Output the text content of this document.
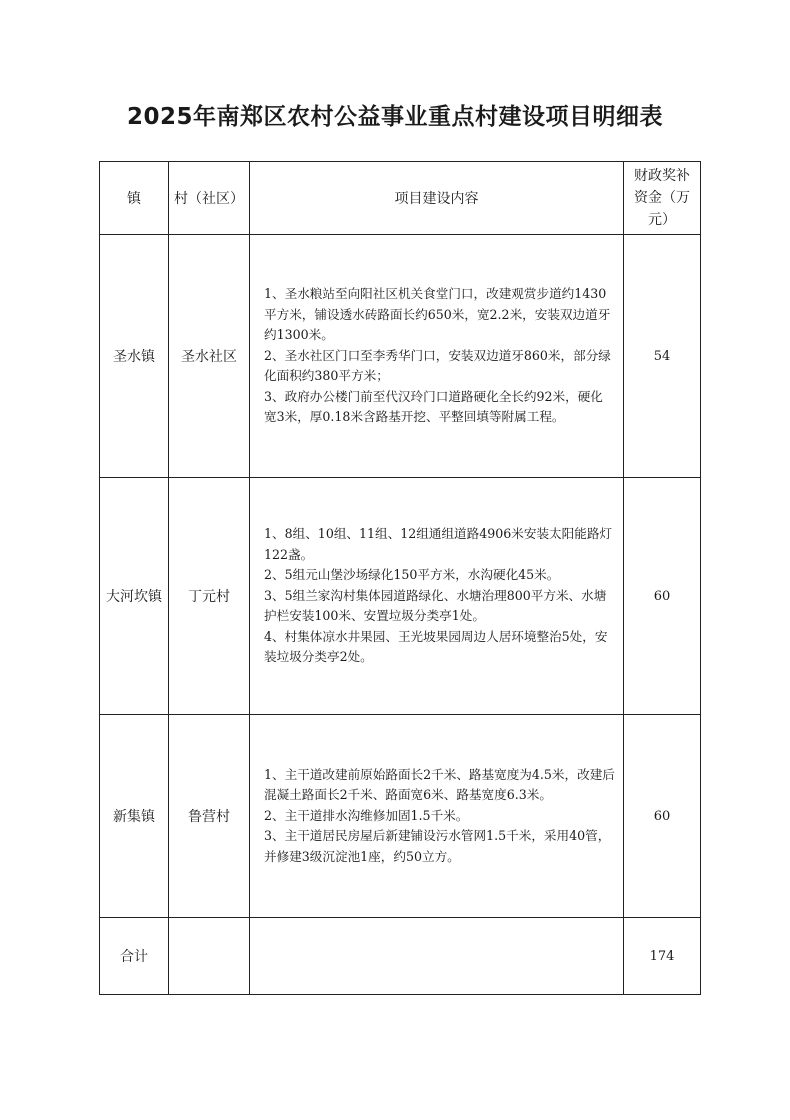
2025年南郑区农村公益事业重点村建设项目明细表
镇	村（社区）	项目建设内容	财政奖补资金（万元）
圣水镇	圣水社区	1、圣水粮站至向阳社区机关食堂门口，改建观赏步道约1430平方米，铺设透水砖路面长约650米，宽2.2米，安装双边道牙约1300米。
2、圣水社区门口至李秀华门口，安装双边道牙860米，部分绿化面积约380平方米；
3、政府办公楼门前至代汉玲门口道路硬化全长约92米，硬化宽3米，厚0.18米含路基开挖、平整回填等附属工程。	54
大河坎镇	丁元村	1、8组、10组、11组、12组通组道路4906米安装太阳能路灯122盏。
2、5组元山堡沙场绿化150平方米，水沟硬化45米。
3、5组兰家沟村集体园道路绿化、水塘治理800平方米、水塘护栏安装100米、安置垃圾分类亭1处。
4、村集体凉水井果园、王光坡果园周边人居环境整治5处，安装垃圾分类亭2处。	60
新集镇	鲁营村	1、主干道改建前原始路面长2千米、路基宽度为4.5米，改建后混凝土路面长2千米、路面宽6米、路基宽度6.3米。
2、主干道排水沟维修加固1.5千米。
3、主干道居民房屋后新建铺设污水管网1.5千米，采用40管，并修建3级沉淀池1座，约50立方。	60
合计			174
